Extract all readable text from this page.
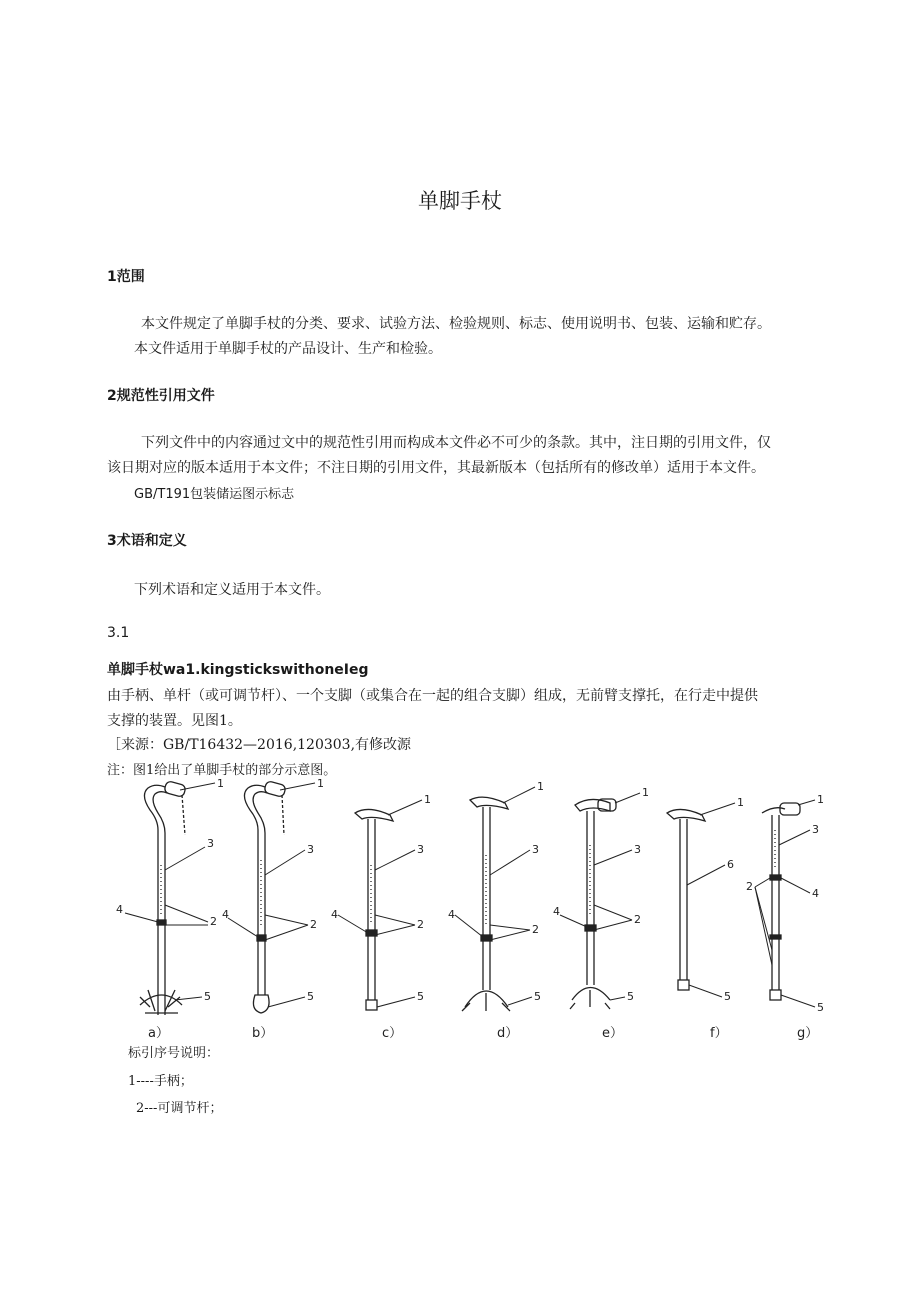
单脚手杖
1范围
本文件规定了单脚手杖的分类、要求、试验方法、检验规则、标志、使用说明书、包装、运输和贮存。
本文件适用于单脚手杖的产品设计、生产和检验。
2规范性引用文件
下列文件中的内容通过文中的规范性引用而构成本文件必不可少的条款。其中，注日期的引用文件，仅
该日期对应的版本适用于本文件；不注日期的引用文件，其最新版本（包括所有的修改单）适用于本文件。
GB/T191包装储运图示标志
3术语和定义
下列术语和定义适用于本文件。
3.1
单脚手杖wa1.kingstickswithoneIeg
由手柄、单杆（或可调节杆）、一个支脚（或集合在一起的组合支脚）组成，无前臂支撑托，在行走中提供
支撑的装置。见图1。
［来源：GB/T16432—2016,120303,有修改源
注：图1给出了单脚手杖的部分示意图。
1
3
2
4
5
1
3
2
4
5
1
3
2
4
5
1
3
2
4
5
1
3
2
4
5
1
6
5
1
3
4
2
5
a）	b）	c）	d）	e）	f）	g）
标引序号说明：
1----手柄；
2---可调节杆；
